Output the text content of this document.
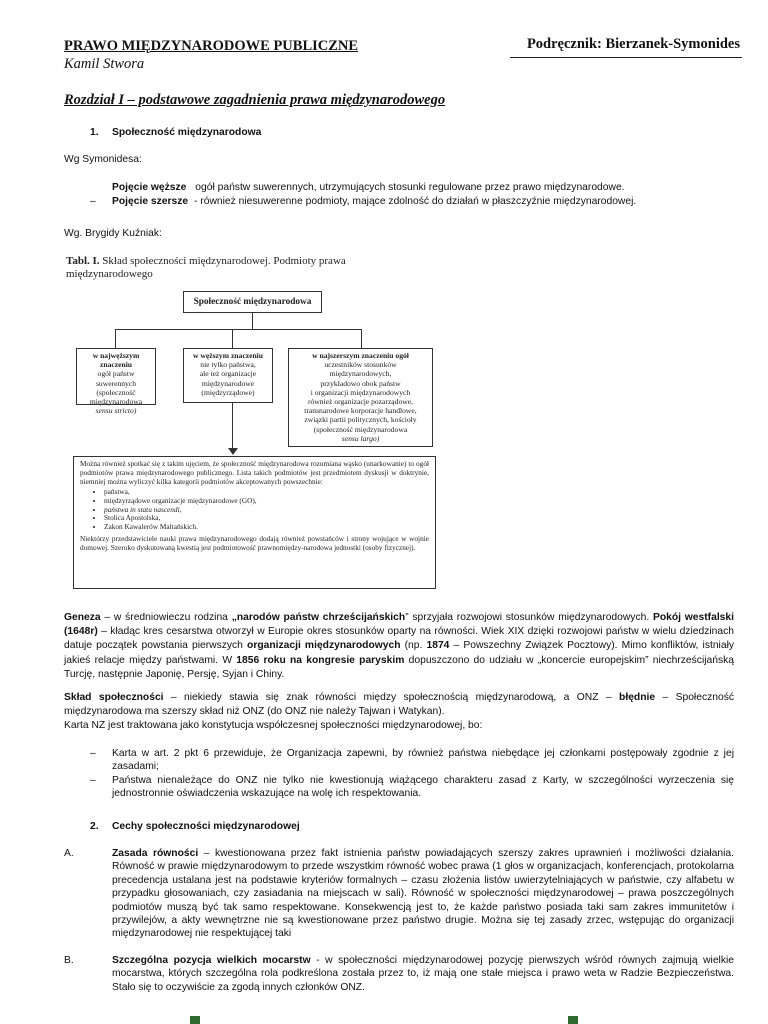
PRAWO MIĘDZYNARODOWE PUBLICZNE
Kamil Stwora
Podręcznik: Bierzanek-Symonides
Rozdział I – podstawowe zagadnienia prawa międzynarodowego
1. Społeczność międzynarodowa
Wg Symonidesa:
Pojęcie węższe ogół państw suwerennych, utrzymujących stosunki regulowane przez prawo międzynarodowe.
– Pojęcie szersze - również niesuwerenne podmioty, mające zdolność do działań w płaszczyźnie międzynarodowej.
Wg. Brygidy Kuźniak:
Tabl. I. Skład społeczności międzynarodowej. Podmioty prawa
międzynarodowego
Społeczność międzynarodowa
w najwęższym znaczeniu
ogół państw suwerennych
(społeczność
międzynarodowa
sensu stricto)
w węższym znaczeniu
nie tylko państwa,
ale też organizacje
międzynarodowe
(międzyrządowe)
w najszerszym znaczeniu ogół
uczestników stosunków
międzynarodowych,
przykładowo obok państw
i organizacji międzynarodowych
również organizacje pozarządowe,
transnarodowe korporacje handlowe,
związki partii politycznych, kościoły
(społeczność międzynarodowa
sensu largo)
Można również spotkać się z takim ujęciem, że społeczność międzynarodowa rozumiana wąsko (unarkowanie) to ogół podmiotów prawa międzynarodowego publicznego. Lista takich podmiotów jest przedmiotem dyskusji w doktrynie, niemniej można wyliczyć kilka kategorii podmiotów akceptowanych powszechnie:
• państwa,
• międzyrządowe organizacje międzynarodowe (GO),
• państwa in statu nascendi,
• Stolica Apostolska,
• Zakon Kawalerów Maltańskich.
Niektórzy przedstawiciele nauki prawa międzynarodowego dodają również powstańców i strony wojujące w wojnie domowej. Szeroko dyskutowaną kwestią jest podmiotowość prawnomiędzy-narodowa jednostki (osoby fizycznej).
Geneza – w średniowieczu rodzina „narodów państw chrześcijańskich” sprzyjała rozwojowi stosunków międzynarodowych. Pokój westfalski (1648r) – kładąc kres cesarstwa otworzył w Europie okres stosunków oparty na równości. Wiek XIX dzięki rozwojowi państw w wielu dziedzinach datuje początek powstania pierwszych organizacji międzynarodowych (np. 1874 – Powszechny Związek Pocztowy). Mimo konfliktów, istniały jakieś relacje między państwami. W 1856 roku na kongresie paryskim dopuszczono do udziału w „koncercie europejskim” niechrześcijańską Turcję, następnie Japonię, Persję, Syjan i Chiny.
Skład społeczności – niekiedy stawia się znak równości między społecznością międzynarodową, a ONZ – błędnie – Społeczność międzynarodowa ma szerszy skład niż ONZ (do ONZ nie należy Tajwan i Watykan).
Karta NZ jest traktowana jako konstytucja współczesnej społeczności międzynarodowej, bo:
– Karta w art. 2 pkt 6 przewiduje, że Organizacja zapewni, by również państwa niebędące jej członkami postępowały zgodnie z jej zasadami;
– Państwa nienależące do ONZ nie tylko nie kwestionują wiążącego charakteru zasad z Karty, w szczególności wyrzeczenia się jednostronnie oświadczenia wskazujące na wolę ich respektowania.
2. Cechy społeczności międzynarodowej
A.	Zasada równości – kwestionowana przez fakt istnienia państw powiadających szerszy zakres uprawnień i możliwości działania. Równość w prawie międzynarodowym to przede wszystkim równość wobec prawa (1 głos w organizacjach, konferencjach, protokolarna precedencja ustalana jest na podstawie kryteriów formalnych – czasu złożenia listów uwierzytelniających w państwie, czy alfabetu w przypadku głosowaniach, czy zasiadania na miejscach w sali). Równość w społeczności międzynarodowej – prawa poszczególnych podmiotów muszą być tak samo respektowane. Konsekwencją jest to, że każde państwo posiada taki sam zakres immunitetów i przywilejów, a akty wewnętrzne nie są kwestionowane przez państwo drugie. Można się tej zasady zrzec, wstępując do organizacji międzynarodowej nie respektującej taki
B.	Szczególna pozycja wielkich mocarstw - w społeczności międzynarodowej pozycję pierwszych wśród równych zajmują wielkie mocarstwa, których szczególna rola podkreślona została przez to, iż mają one stałe miejsca i prawo weta w Radzie Bezpieczeństwa. Stało się to oczywiście za zgodą innych członków ONZ.
